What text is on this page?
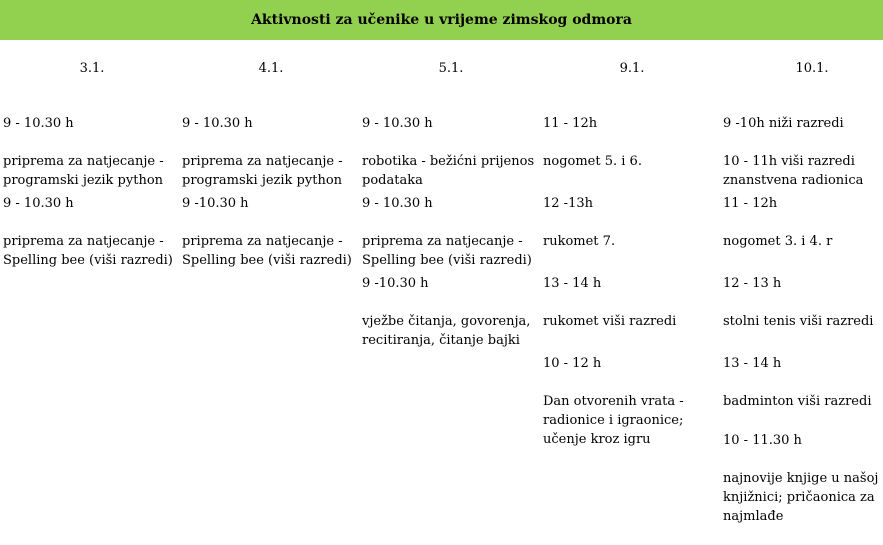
Aktivnosti za učenike u vrijeme zimskog odmora
3.1.

9 - 10.30 h

priprema za natjecanje -
programski jezik python

9 - 10.30 h

priprema za natjecanje -
Spelling bee (viši razredi)

4.1.

9 - 10.30 h

priprema za natjecanje -
programski jezik python

9 -10.30 h

priprema za natjecanje -
Spelling bee (viši razredi)

5.1.

9 - 10.30 h

robotika - bežićni prijenos
podataka

9 - 10.30 h

priprema za natjecanje -
Spelling bee (viši razredi)

9 -10.30 h

vježbe čitanja, govorenja,
recitiranja, čitanje bajki

9.1.

11 - 12h

nogomet 5. i 6.

12 -13h

rukomet 7.

13 - 14 h

rukomet viši razredi

10 - 12 h

Dan otvorenih vrata -
radionice i igraonice;
učenje kroz igru

10.1.

9 -10h niži razredi

10 - 11h viši razredi
znanstvena radionica

11 - 12h

nogomet 3. i 4. r

12 - 13 h

stolni tenis viši razredi

13 - 14 h

badminton viši razredi

10 - 11.30 h

najnovije knjige u našoj
knjižnici; pričaonica za
najmlađe
